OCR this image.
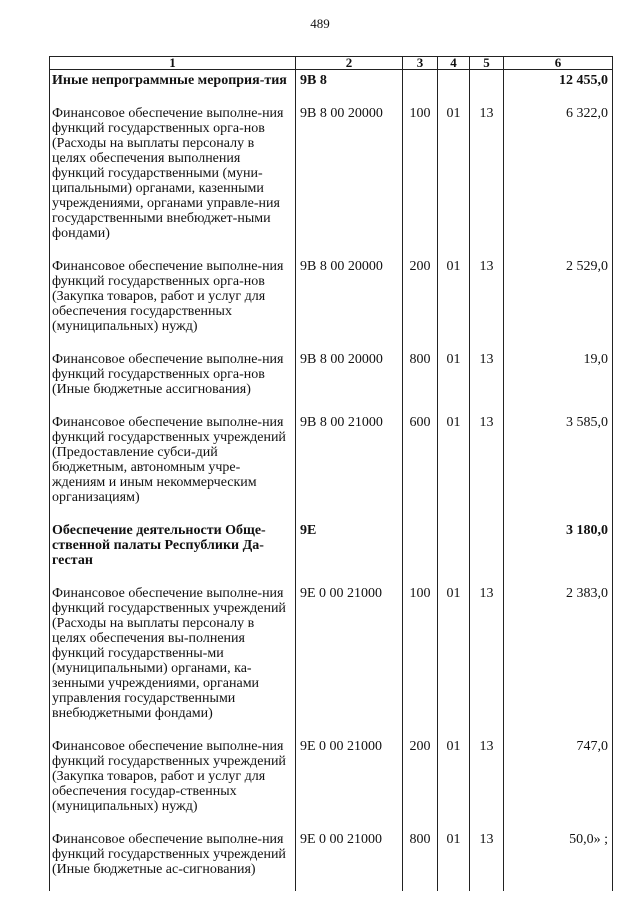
489
1	2	3	4	5	6
Иные непрограммные мероприя-тия	9В 8				12 455,0
Финансовое обеспечение выполне-ния функций государственных орга-нов (Расходы на выплаты персоналу в целях обеспечения выполнения функций государственными (муни-ципальными) органами, казенными учреждениями, органами управле-ния государственными внебюджет-ными фондами)	9В 8 00 20000	100	01	13	6 322,0
Финансовое обеспечение выполне-ния функций государственных орга-нов (Закупка товаров, работ и услуг для обеспечения государственных (муниципальных) нужд)	9В 8 00 20000	200	01	13	2 529,0
Финансовое обеспечение выполне-ния функций государственных орга-нов (Иные бюджетные ассигнования)	9В 8 00 20000	800	01	13	19,0
Финансовое обеспечение выполне-ния функций государственных учреждений (Предоставление субси-дий бюджетным, автономным учре-ждениям и иным некоммерческим организациям)	9В 8 00 21000	600	01	13	3 585,0
Обеспечение деятельности Обще-ственной палаты Республики Да-гестан	9Е				3 180,0
Финансовое обеспечение выполне-ния функций государственных учреждений (Расходы на выплаты персоналу в целях обеспечения вы-полнения функций государственны-ми (муниципальными) органами, ка-зенными учреждениями, органами управления государственными внебюджетными фондами)	9Е 0 00 21000	100	01	13	2 383,0
Финансовое обеспечение выполне-ния функций государственных учреждений (Закупка товаров, работ и услуг для обеспечения государ-ственных (муниципальных) нужд)	9Е 0 00 21000	200	01	13	747,0
Финансовое обеспечение выполне-ния функций государственных учреждений (Иные бюджетные ас-сигнования)	9Е 0 00 21000	800	01	13	50,0» ;
